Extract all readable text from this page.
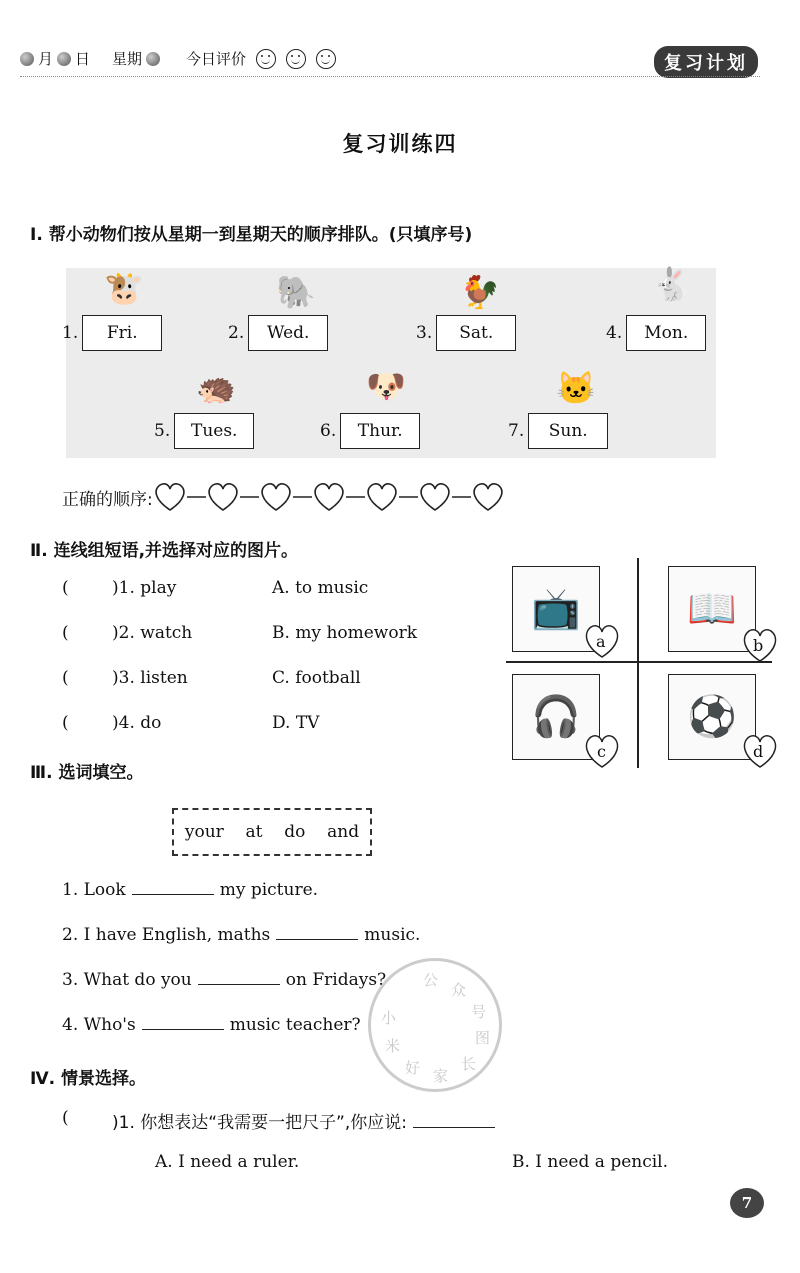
月 日 星期	今日评价	复习计划
复习训练四
Ⅰ. 帮小动物们按从星期一到星期天的顺序排队。(只填序号)
🐮
1.	Fri.
🐘
2.	Wed.
🐓
3.	Sat.
🐇
4.	Mon.
🦔
5.	Tues.
🐶
6.	Thur.
🐱
7.	Sun.
正确的顺序:
Ⅱ. 连线组短语,并选择对应的图片。
(	)1. play	A. to music
(	)2. watch	B. my homework
(	)3. listen	C. football
(	)4. do	D. TV
📺	📖
🎧	⚽
a	b
c	d
Ⅲ. 选词填空。
your at do and
1. Look	my picture.
2. I have English, maths	music.
3. What do you	on Fridays?
4. Who's	music teacher?
公
众
号
图
长
家
好
米
小
Ⅳ. 情景选择。
(	)1. 你想表达“我需要一把尺子”,你应说:
A. I need a ruler.	B. I need a pencil.
7
